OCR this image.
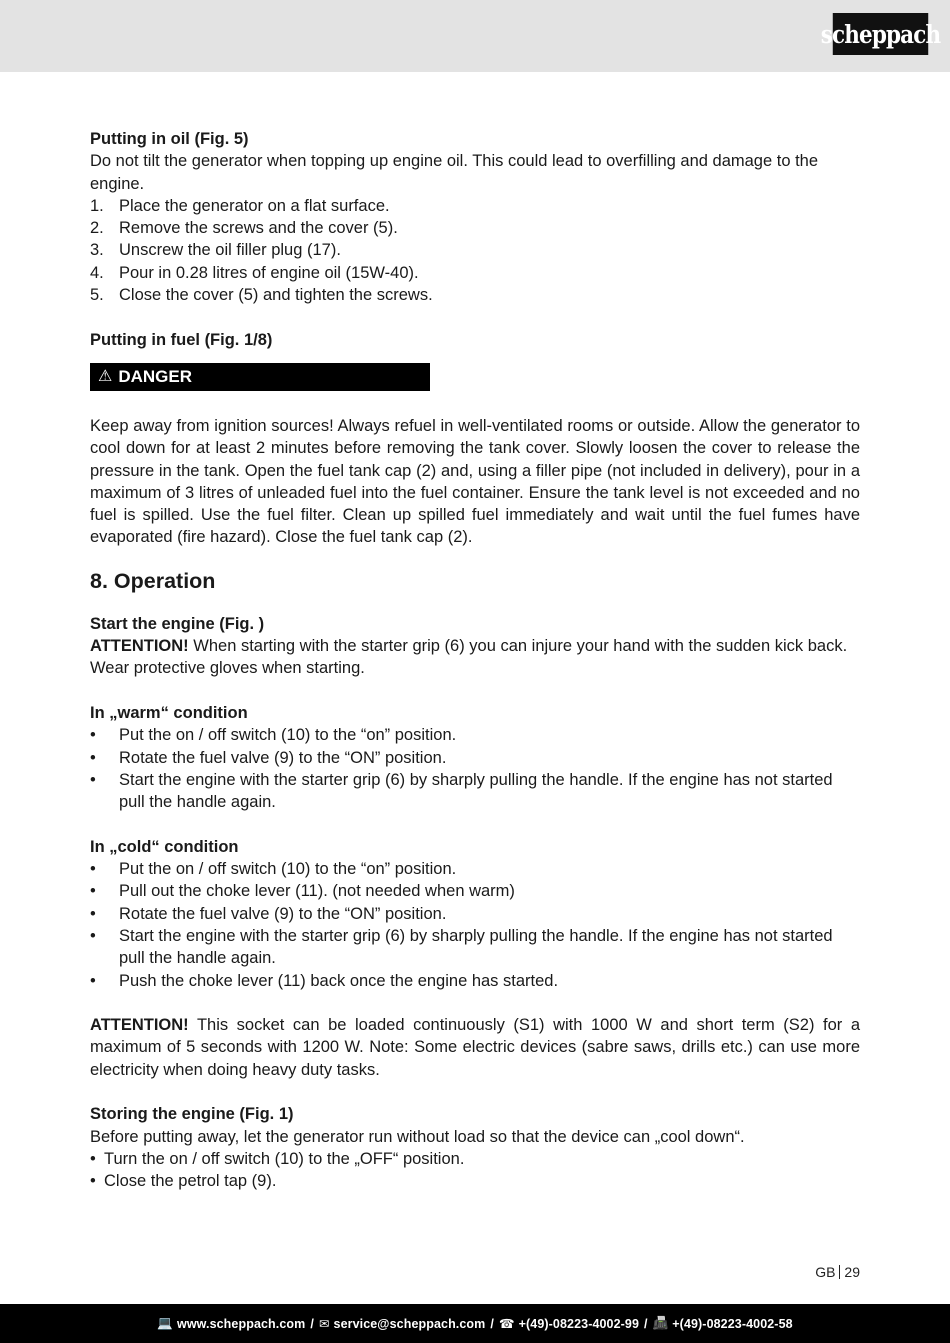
scheppach

Putting in oil (Fig. 5)

Do not tilt the generator when topping up engine oil. This could lead to overfilling and damage to the engine.

1. Place the generator on a flat surface.
2. Remove the screws and the cover (5).
3. Unscrew the oil filler plug (17).
4. Pour in 0.28 litres of engine oil (15W-40).
5. Close the cover (5) and tighten the screws.

Putting in fuel (Fig. 1/8)

⚠ DANGER

Keep away from ignition sources! Always refuel in well-ventilated rooms or outside. Allow the generator to cool down for at least 2 minutes before removing the tank cover. Slowly loosen the cover to release the pressure in the tank. Open the fuel tank cap (2) and, using a filler pipe (not included in delivery), pour in a maximum of 3 litres of unleaded fuel into the fuel container. Ensure the tank level is not exceeded and no fuel is spilled. Use the fuel filter. Clean up spilled fuel immediately and wait until the fuel fumes have evaporated (fire hazard). Close the fuel tank cap (2).

8. Operation

Start the engine (Fig. )

ATTENTION! When starting with the starter grip (6) you can injure your hand with the sudden kick back.

Wear protective gloves when starting.

In „warm“ condition

• Put the on / off switch (10) to the “on” position.
• Rotate the fuel valve (9) to the “ON” position.
• Start the engine with the starter grip (6) by sharply pulling the handle. If the engine has not started pull the handle again.

In „cold“ condition

• Put the on / off switch (10) to the “on” position.
• Pull out the choke lever (11). (not needed when warm)
• Rotate the fuel valve (9) to the “ON” position.
• Start the engine with the starter grip (6) by sharply pulling the handle. If the engine has not started pull the handle again.
• Push the choke lever (11) back once the engine has started.

ATTENTION! This socket can be loaded continuously (S1) with 1000 W and short term (S2) for a maximum of 5 seconds with 1200 W. Note: Some electric devices (sabre saws, drills etc.) can use more electricity when doing heavy duty tasks.

Storing the engine (Fig. 1)

Before putting away, let the generator run without load so that the device can „cool down“.

• Turn the on / off switch (10) to the „OFF“ position.
• Close the petrol tap (9).
GB 29
💻 www.scheppach.com / ✉ service@scheppach.com / ☎ +(49)-08223-4002-99 / 📠 +(49)-08223-4002-58
